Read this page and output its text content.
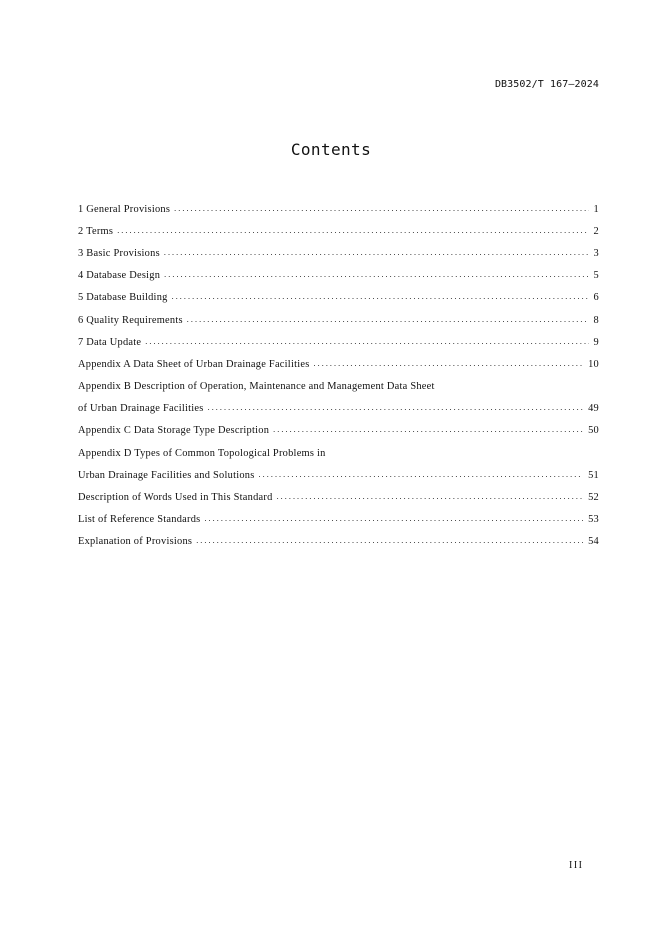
DB3502/T 167—2024
Contents
1 General Provisions .....	1
2 Terms .....	2
3 Basic Provisions .....	3
4 Database Design .....	5
5 Database Building .....	6
6 Quality Requirements .....	8
7 Data Update .....	9
Appendix A Data Sheet of Urban Drainage Facilities .....	10
Appendix B Description of Operation, Maintenance and Management Data Sheet
of Urban Drainage Facilities .....	49
Appendix C Data Storage Type Description .....	50
Appendix D Types of Common Topological Problems in
Urban Drainage Facilities and Solutions .....	51
Description of Words Used in This Standard .....	52
List of Reference Standards .....	53
Explanation of Provisions .....	54
III
